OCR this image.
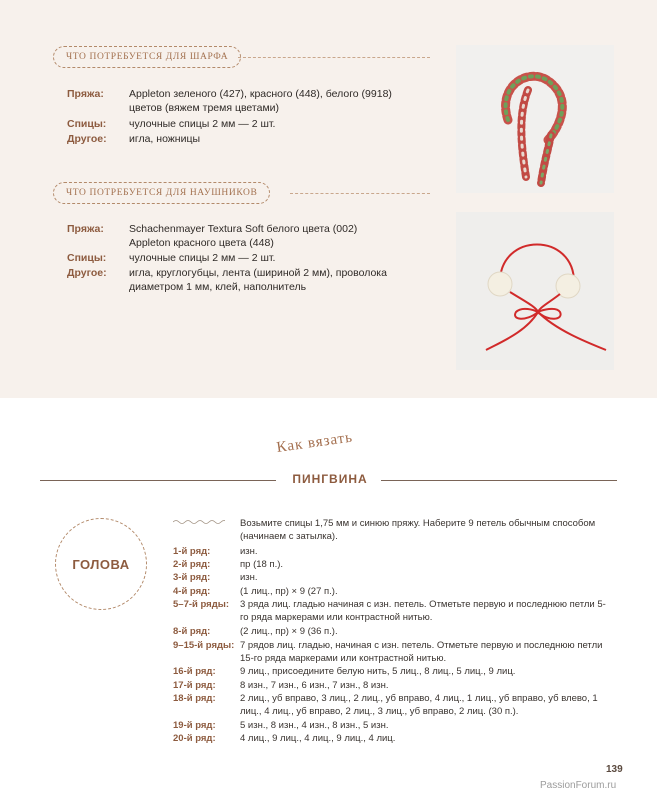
ЧТО ПОТРЕБУЕТСЯ ДЛЯ ШАРФА
Пряжа: Appleton зеленого (427), красного (448), белого (9918)
цветов (вяжем тремя цветами)
Спицы: чулочные спицы 2 мм — 2 шт.
Другое: игла, ножницы
ЧТО ПОТРЕБУЕТСЯ ДЛЯ НАУШНИКОВ
Пряжа: Schachenmayer Textura Soft белого цвета (002)
Appleton красного цвета (448)
Спицы: чулочные спицы 2 мм — 2 шт.
Другое: игла, круглогубцы, лента (шириной 2 мм), проволока
диаметром 1 мм, клей, наполнитель
Как вязать
ПИНГВИНА
ГОЛОВА
Возьмите спицы 1,75 мм и синюю пряжу. Наберите 9 петель обычным способом (начинаем с затылка).
1-й ряд:	изн.
2-й ряд:	пр (18 п.).
3-й ряд:	изн.
4-й ряд:	(1 лиц., пр) × 9 (27 п.).
5–7-й ряды:	3 ряда лиц. гладью начиная с изн. петель. Отметьте первую и последнюю петли 5-го ряда маркерами или контрастной нитью.
8-й ряд:	(2 лиц., пр) × 9 (36 п.).
9–15-й ряды: 7 рядов лиц. гладью, начиная с изн. петель. Отметьте первую и последнюю петли 15-го ряда маркерами или контрастной нитью.
16-й ряд:	9 лиц., присоедините белую нить, 5 лиц., 8 лиц., 5 лиц., 9 лиц.
17-й ряд:	8 изн., 7 изн., 6 изн., 7 изн., 8 изн.
18-й ряд:	2 лиц., уб вправо, 3 лиц., 2 лиц., уб вправо, 4 лиц., 1 лиц., уб вправо, уб влево, 1 лиц., 4 лиц., уб вправо, 2 лиц., 3 лиц., уб вправо, 2 лиц. (30 п.).
19-й ряд:	5 изн., 8 изн., 4 изн., 8 изн., 5 изн.
20-й ряд:	4 лиц., 9 лиц., 4 лиц., 9 лиц., 4 лиц.
139
PassionForum.ru
